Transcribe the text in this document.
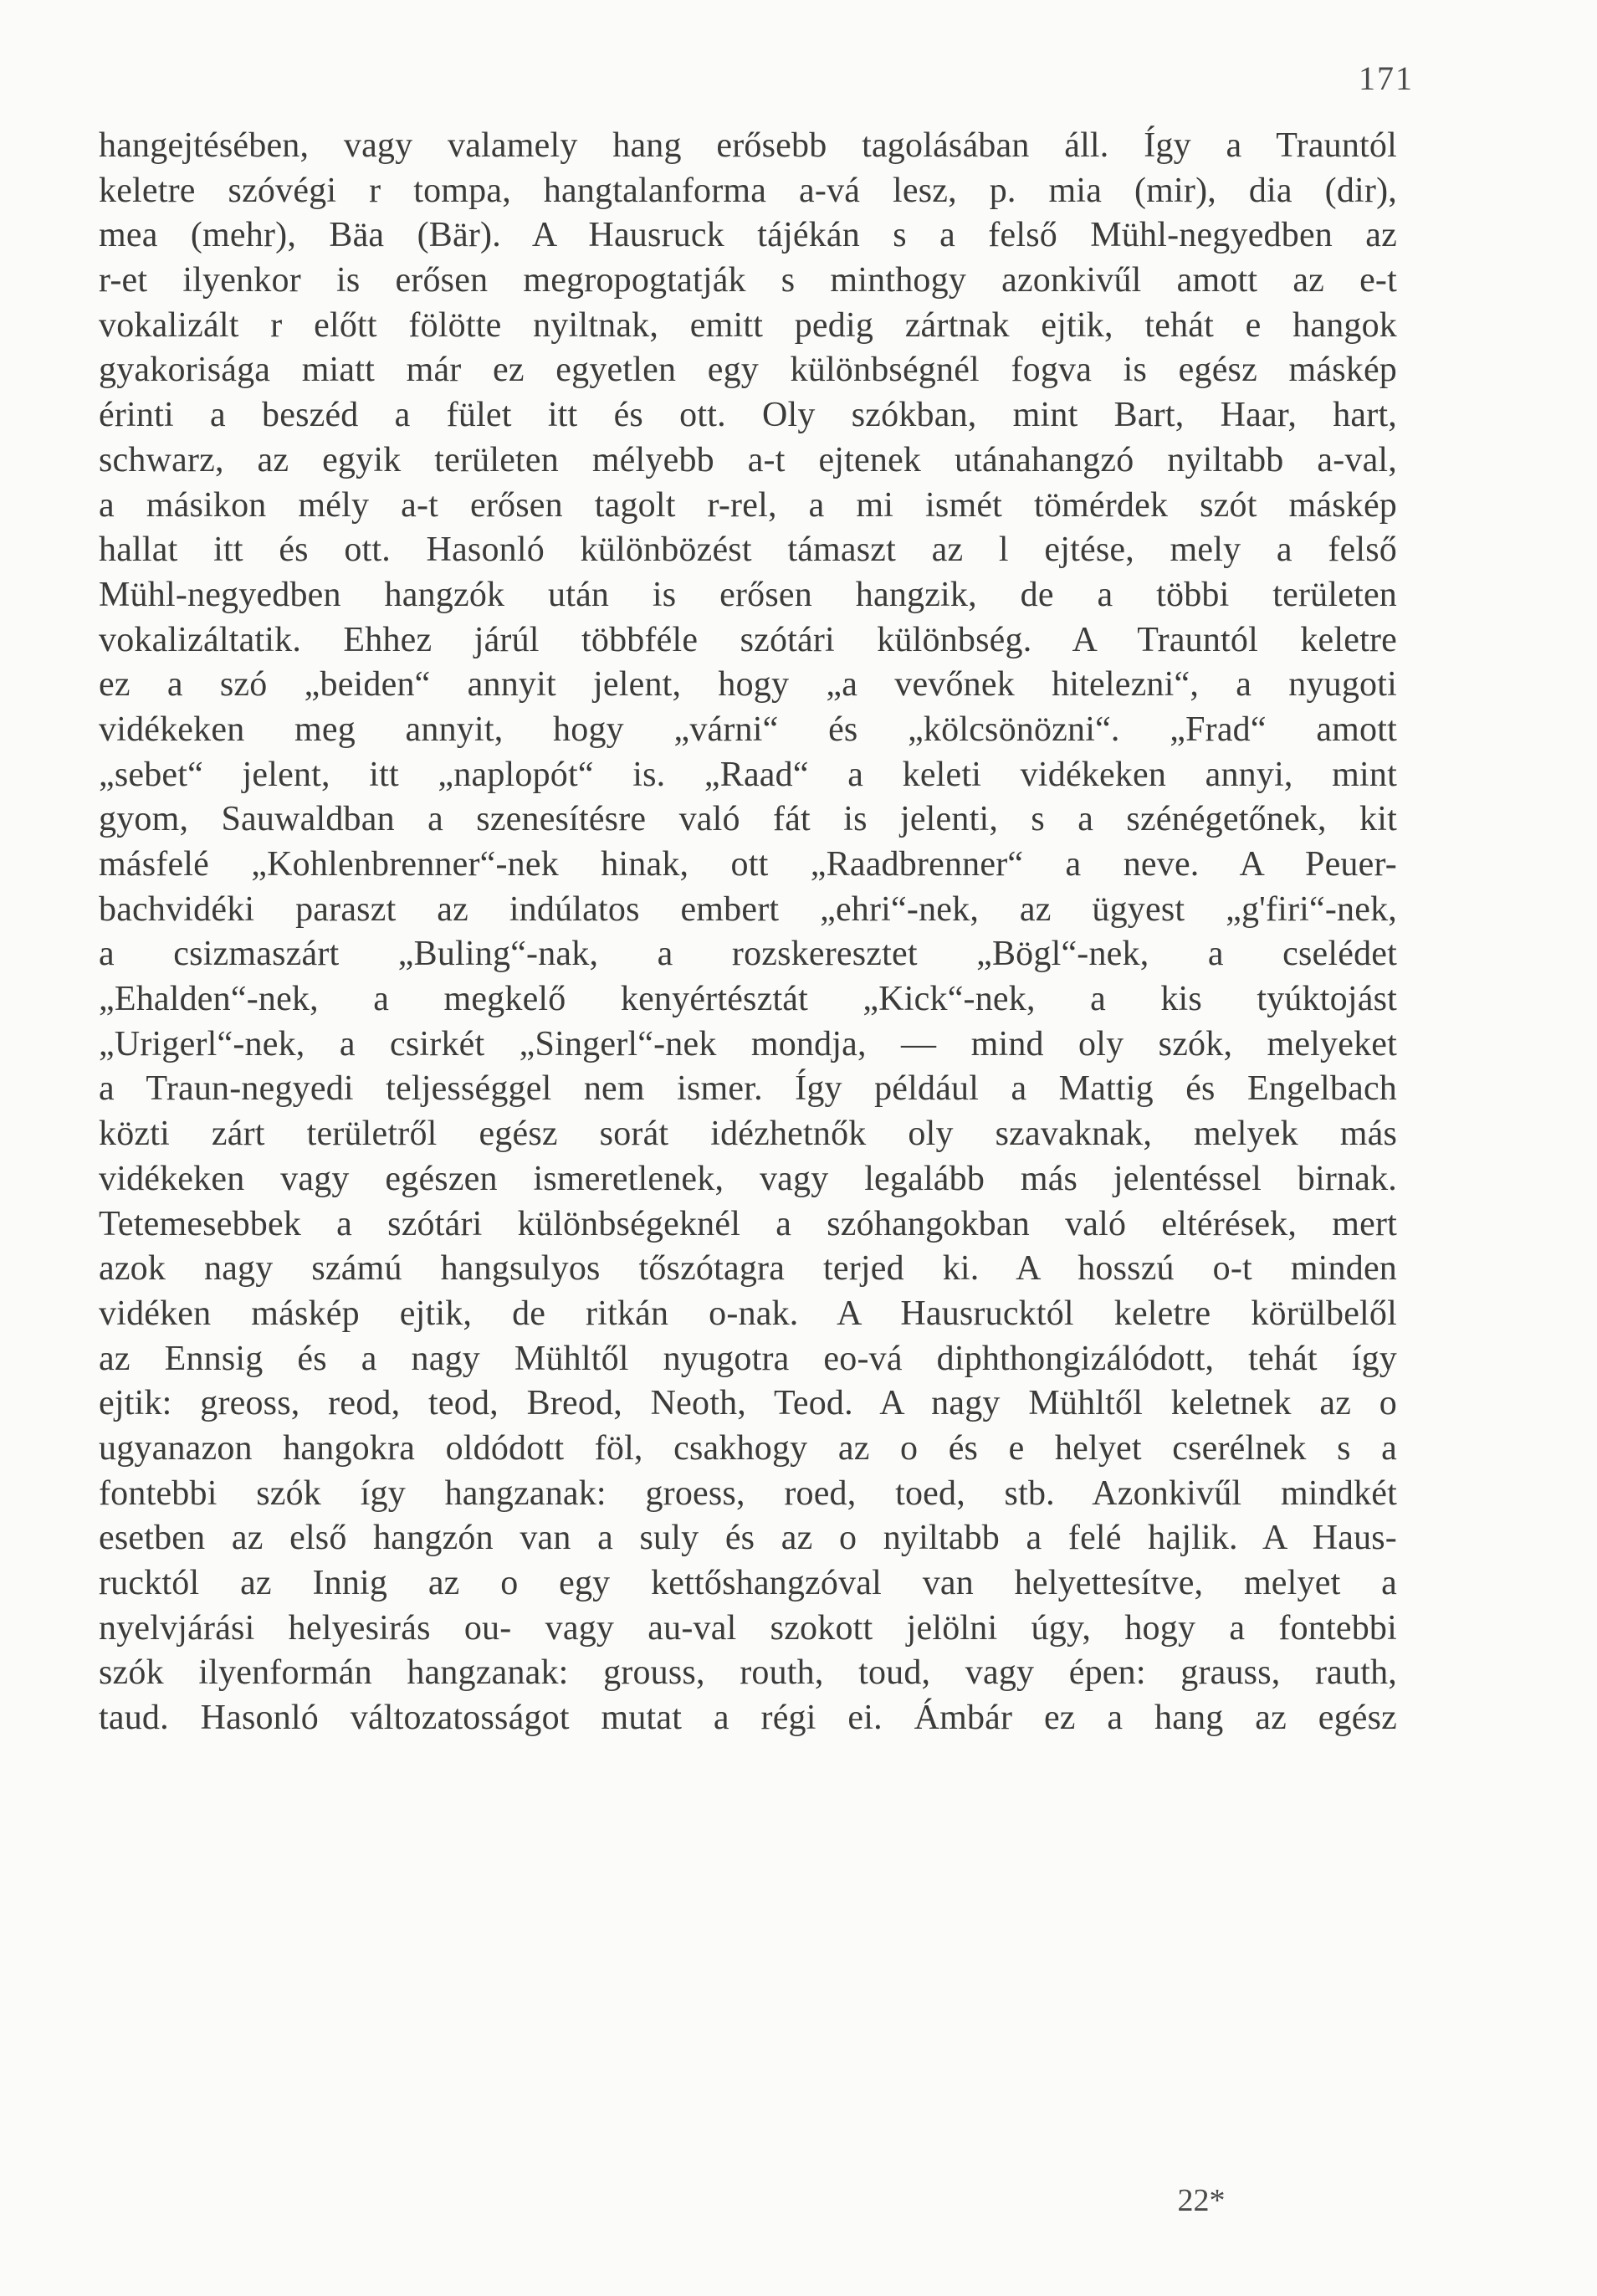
171
hangejtésében, vagy valamely hang erősebb tagolásában áll. Így a Trauntól
keletre szóvégi r tompa, hangtalanforma a-vá lesz, p. mia (mir), dia (dir),
mea (mehr), Bäa (Bär). A Hausruck tájékán s a felső Mühl-negyedben az
r-et ilyenkor is erősen megropogtatják s minthogy azonkivűl amott az e-t
vokalizált r előtt fölötte nyiltnak, emitt pedig zártnak ejtik, tehát e hangok
gyakorisága miatt már ez egyetlen egy különbségnél fogva is egész máskép
érinti a beszéd a fület itt és ott. Oly szókban, mint Bart, Haar, hart,
schwarz, az egyik területen mélyebb a-t ejtenek utánahangzó nyiltabb a-val,
a másikon mély a-t erősen tagolt r-rel, a mi ismét tömérdek szót máskép
hallat itt és ott. Hasonló különbözést támaszt az l ejtése, mely a felső
Mühl-negyedben hangzók után is erősen hangzik, de a többi területen
vokalizáltatik. Ehhez járúl többféle szótári különbség. A Trauntól keletre
ez a szó „beiden“ annyit jelent, hogy „a vevőnek hitelezni“, a nyugoti
vidékeken meg annyit, hogy „várni“ és „kölcsönözni“. „Frad“ amott
„sebet“ jelent, itt „naplopót“ is. „Raad“ a keleti vidékeken annyi, mint
gyom, Sauwaldban a szenesítésre való fát is jelenti, s a szénégetőnek, kit
másfelé „Kohlenbrenner“-nek hinak, ott „Raadbrenner“ a neve. A Peuer-
bachvidéki paraszt az indúlatos embert „ehri“-nek, az ügyest „g'firi“-nek,
a csizmaszárt „Buling“-nak, a rozskeresztet „Bögl“-nek, a cselédet
„Ehalden“-nek, a megkelő kenyértésztát „Kick“-nek, a kis tyúktojást
„Urigerl“-nek, a csirkét „Singerl“-nek mondja, — mind oly szók, melyeket
a Traun-negyedi teljességgel nem ismer. Így például a Mattig és Engelbach
közti zárt területről egész sorát idézhetnők oly szavaknak, melyek más
vidékeken vagy egészen ismeretlenek, vagy legalább más jelentéssel birnak.
Tetemesebbek a szótári különbségeknél a szóhangokban való eltérések, mert
azok nagy számú hangsulyos tőszótagra terjed ki. A hosszú o-t minden
vidéken máskép ejtik, de ritkán o-nak. A Hausrucktól keletre körülbelől
az Ennsig és a nagy Mühltől nyugotra eo-vá diphthongizálódott, tehát így
ejtik: greoss, reod, teod, Breod, Neoth, Teod. A nagy Mühltől keletnek az o
ugyanazon hangokra oldódott föl, csakhogy az o és e helyet cserélnek s a
fontebbi szók így hangzanak: groess, roed, toed, stb. Azonkivűl mindkét
esetben az első hangzón van a suly és az o nyiltabb a felé hajlik. A Haus-
rucktól az Innig az o egy kettőshangzóval van helyettesítve, melyet a
nyelvjárási helyesirás ou- vagy au-val szokott jelölni úgy, hogy a fontebbi
szók ilyenformán hangzanak: grouss, routh, toud, vagy épen: grauss, rauth,
taud. Hasonló változatosságot mutat a régi ei. Ámbár ez a hang az egész
22*
